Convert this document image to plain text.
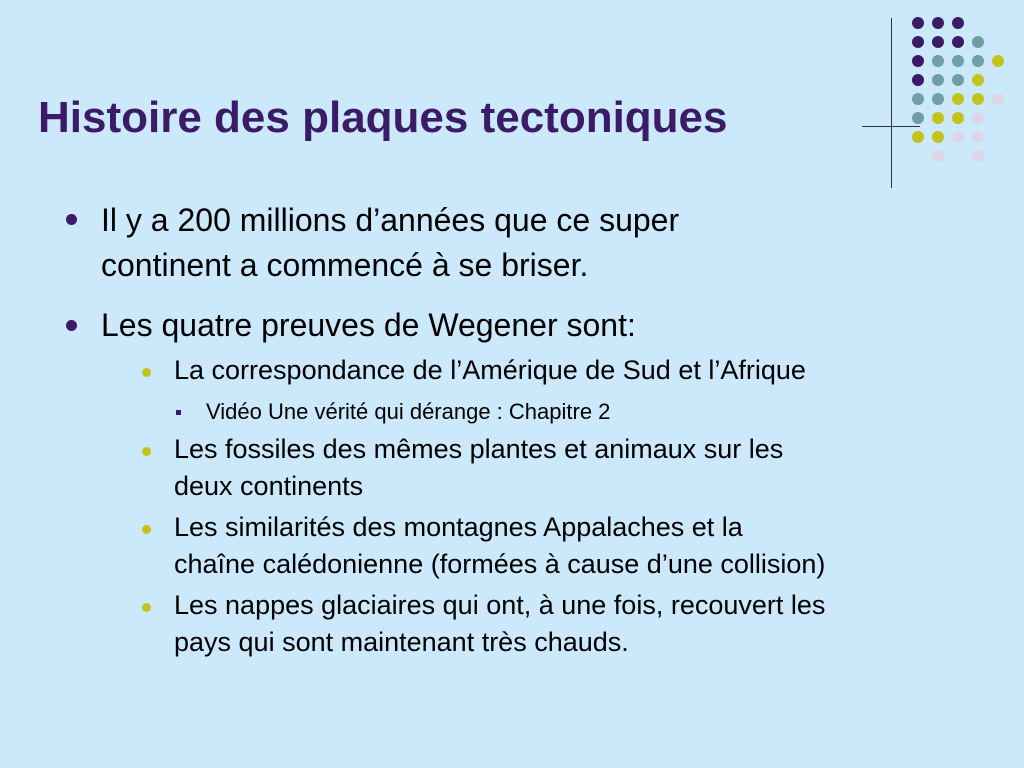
Histoire des plaques tectoniques
Il y a 200 millions d’années que ce super
continent a commencé à se briser.
Les quatre preuves de Wegener sont:
La correspondance de l’Amérique de Sud et l’Afrique
Vidéo Une vérité qui dérange : Chapitre 2
Les fossiles des mêmes plantes et animaux sur les
deux continents
Les similarités des montagnes Appalaches et la
chaîne calédonienne (formées à cause d’une collision)
Les nappes glaciaires qui ont, à une fois, recouvert les
pays qui sont maintenant très chauds.
